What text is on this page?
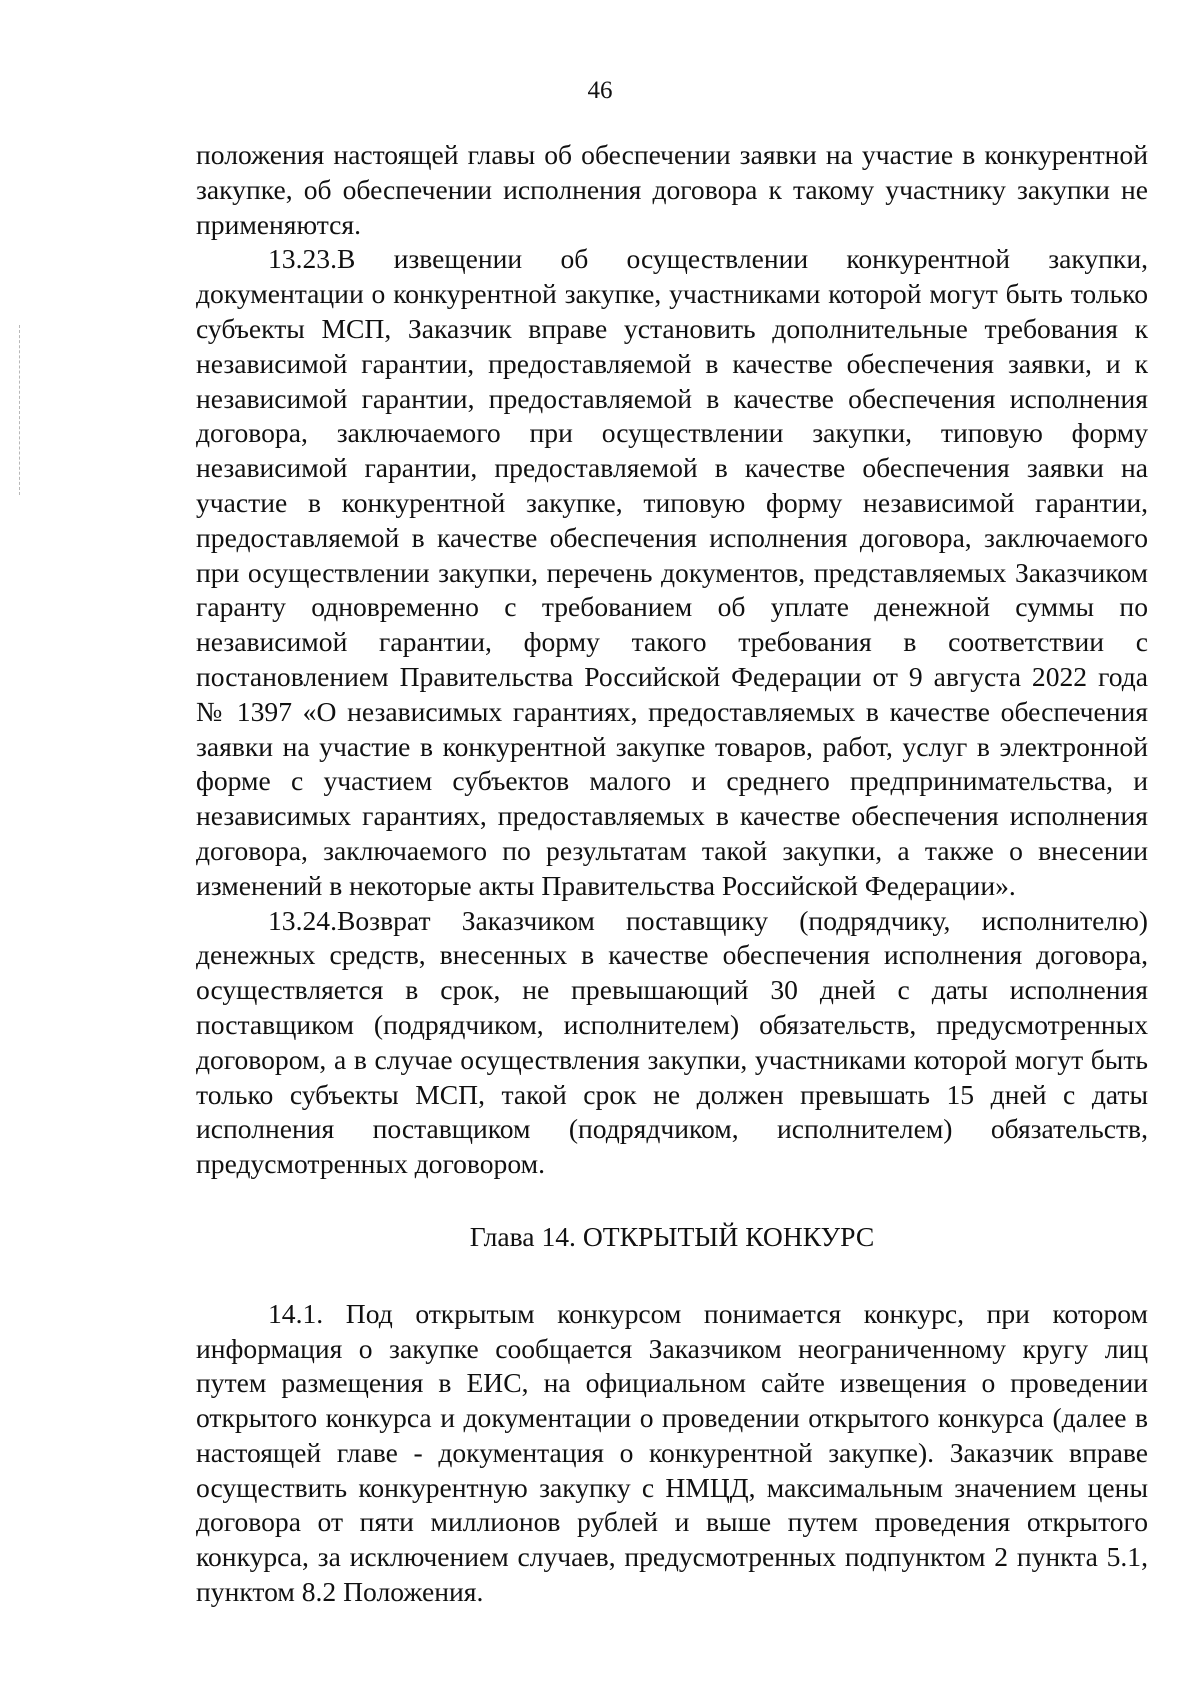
46

положения настоящей главы об обеспечении заявки на участие в конкурентной закупке, об обеспечении исполнения договора к такому участнику закупки не применяются.

13.23.В извещении об осуществлении конкурентной закупки, документации о конкурентной закупке, участниками которой могут быть только субъекты МСП, Заказчик вправе установить дополнительные требования к независимой гарантии, предоставляемой в качестве обеспечения заявки, и к независимой гарантии, предоставляемой в качестве обеспечения исполнения договора, заключаемого при осуществлении закупки, типовую форму независимой гарантии, предоставляемой в качестве обеспечения заявки на участие в конкурентной закупке, типовую форму независимой гарантии, предоставляемой в качестве обеспечения исполнения договора, заключаемого при осуществлении закупки, перечень документов, представляемых Заказчиком гаранту одновременно с требованием об уплате денежной суммы по независимой гарантии, форму такого требования в соответствии с постановлением Правительства Российской Федерации от 9 августа 2022 года № 1397 «О независимых гарантиях, предоставляемых в качестве обеспечения заявки на участие в конкурентной закупке товаров, работ, услуг в электронной форме с участием субъектов малого и среднего предпринимательства, и независимых гарантиях, предоставляемых в качестве обеспечения исполнения договора, заключаемого по результатам такой закупки, а также о внесении изменений в некоторые акты Правительства Российской Федерации».

13.24.Возврат Заказчиком поставщику (подрядчику, исполнителю) денежных средств, внесенных в качестве обеспечения исполнения договора, осуществляется в срок, не превышающий 30 дней с даты исполнения поставщиком (подрядчиком, исполнителем) обязательств, предусмотренных договором, а в случае осуществления закупки, участниками которой могут быть только субъекты МСП, такой срок не должен превышать 15 дней с даты исполнения поставщиком (подрядчиком, исполнителем) обязательств, предусмотренных договором.

Глава 14. ОТКРЫТЫЙ КОНКУРС

14.1. Под открытым конкурсом понимается конкурс, при котором информация о закупке сообщается Заказчиком неограниченному кругу лиц путем размещения в ЕИС, на официальном сайте извещения о проведении открытого конкурса и документации о проведении открытого конкурса (далее в настоящей главе - документация о конкурентной закупке). Заказчик вправе осуществить конкурентную закупку с НМЦД, максимальным значением цены договора от пяти миллионов рублей и выше путем проведения открытого конкурса, за исключением случаев, предусмотренных подпунктом 2 пункта 5.1, пунктом 8.2 Положения.
